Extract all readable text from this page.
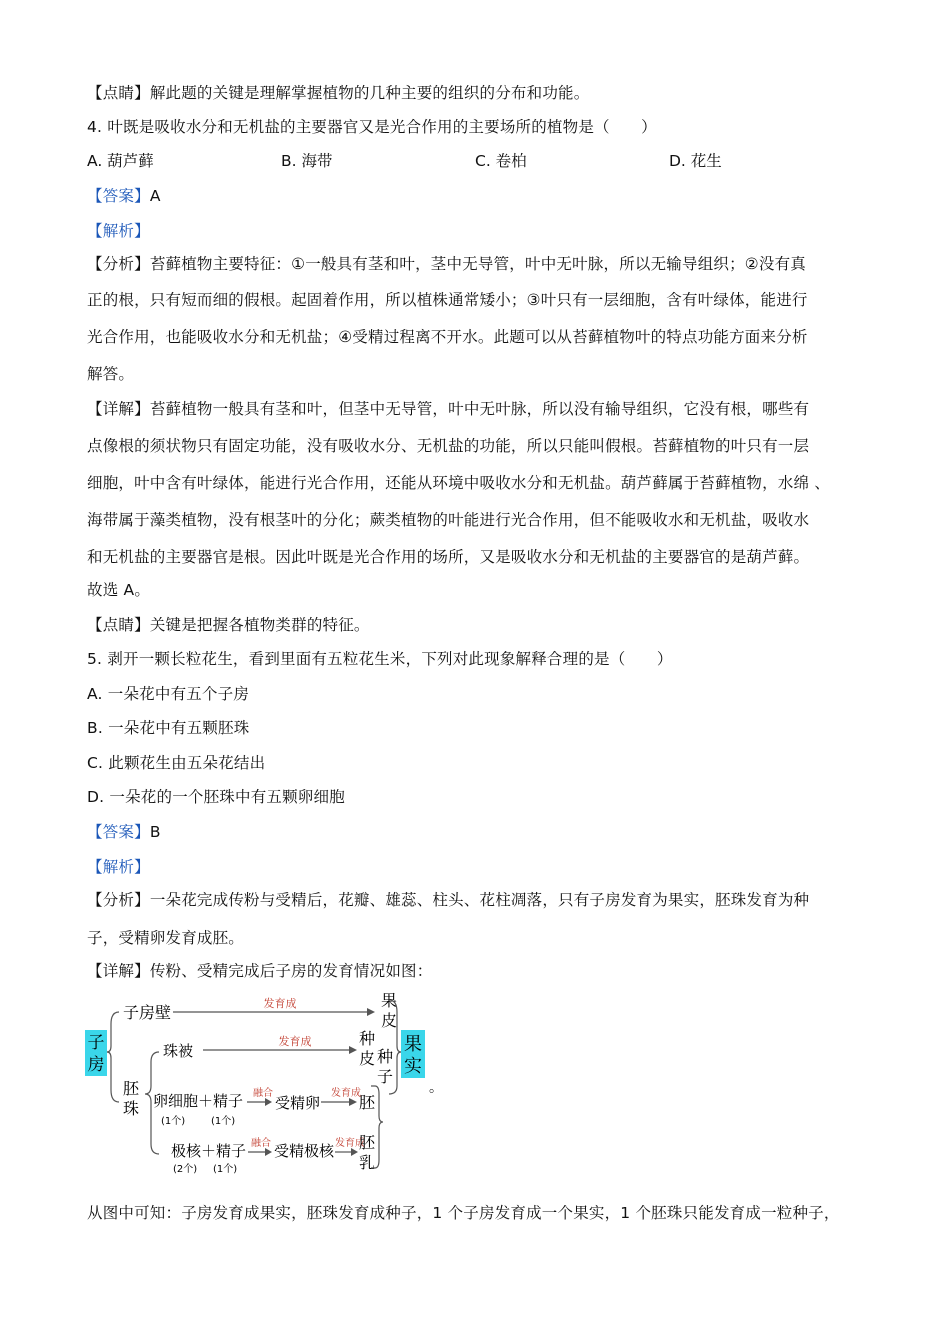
【点睛】解此题的关键是理解掌握植物的几种主要的组织的分布和功能。
4. 叶既是吸收水分和无机盐的主要器官又是光合作用的主要场所的植物是（　　）
A. 葫芦藓	B. 海带	C. 卷柏	D. 花生
【答案】A
【解析】
【分析】苔藓植物主要特征：①一般具有茎和叶，茎中无导管，叶中无叶脉，所以无输导组织；②没有真
正的根，只有短而细的假根。起固着作用，所以植株通常矮小；③叶只有一层细胞，含有叶绿体，能进行
光合作用，也能吸收水分和无机盐；④受精过程离不开水。此题可以从苔藓植物叶的特点功能方面来分析
解答。
【详解】苔藓植物一般具有茎和叶，但茎中无导管，叶中无叶脉，所以没有输导组织，它没有根，哪些有
点像根的须状物只有固定功能，没有吸收水分、无机盐的功能，所以只能叫假根。苔藓植物的叶只有一层
细胞，叶中含有叶绿体，能进行光合作用，还能从环境中吸收水分和无机盐。葫芦藓属于苔藓植物，水绵 、
海带属于藻类植物，没有根茎叶的分化；蕨类植物的叶能进行光合作用，但不能吸收水和无机盐，吸收水
和无机盐的主要器官是根。因此叶既是光合作用的场所，又是吸收水分和无机盐的主要器官的是葫芦藓。
故选 A。
【点睛】关键是把握各植物类群的特征。
5. 剥开一颗长粒花生，看到里面有五粒花生米，下列对此现象解释合理的是（　　）
A. 一朵花中有五个子房
B. 一朵花中有五颗胚珠
C. 此颗花生由五朵花结出
D. 一朵花的一个胚珠中有五颗卵细胞
【答案】B
【解析】
【分析】一朵花完成传粉与受精后，花瓣、雄蕊、柱头、花柱凋落，只有子房发育为果实，胚珠发育为种
子，受精卵发育成胚。
【详解】传粉、受精完成后子房的发育情况如图：
子
房
果
实
子房壁	发育成	果
皮
胚
珠
珠被
发育成	种
皮
卵细胞 ＋ 精子
(1个)	(1个)
融合
受精卵
发育成
胚
极核 ＋ 精子
(2个) (1个)
融合 受精极核 发育成
胚
乳
种
子
。
从图中可知：子房发育成果实，胚珠发育成种子，1 个子房发育成一个果实，1 个胚珠只能发育成一粒种子，
